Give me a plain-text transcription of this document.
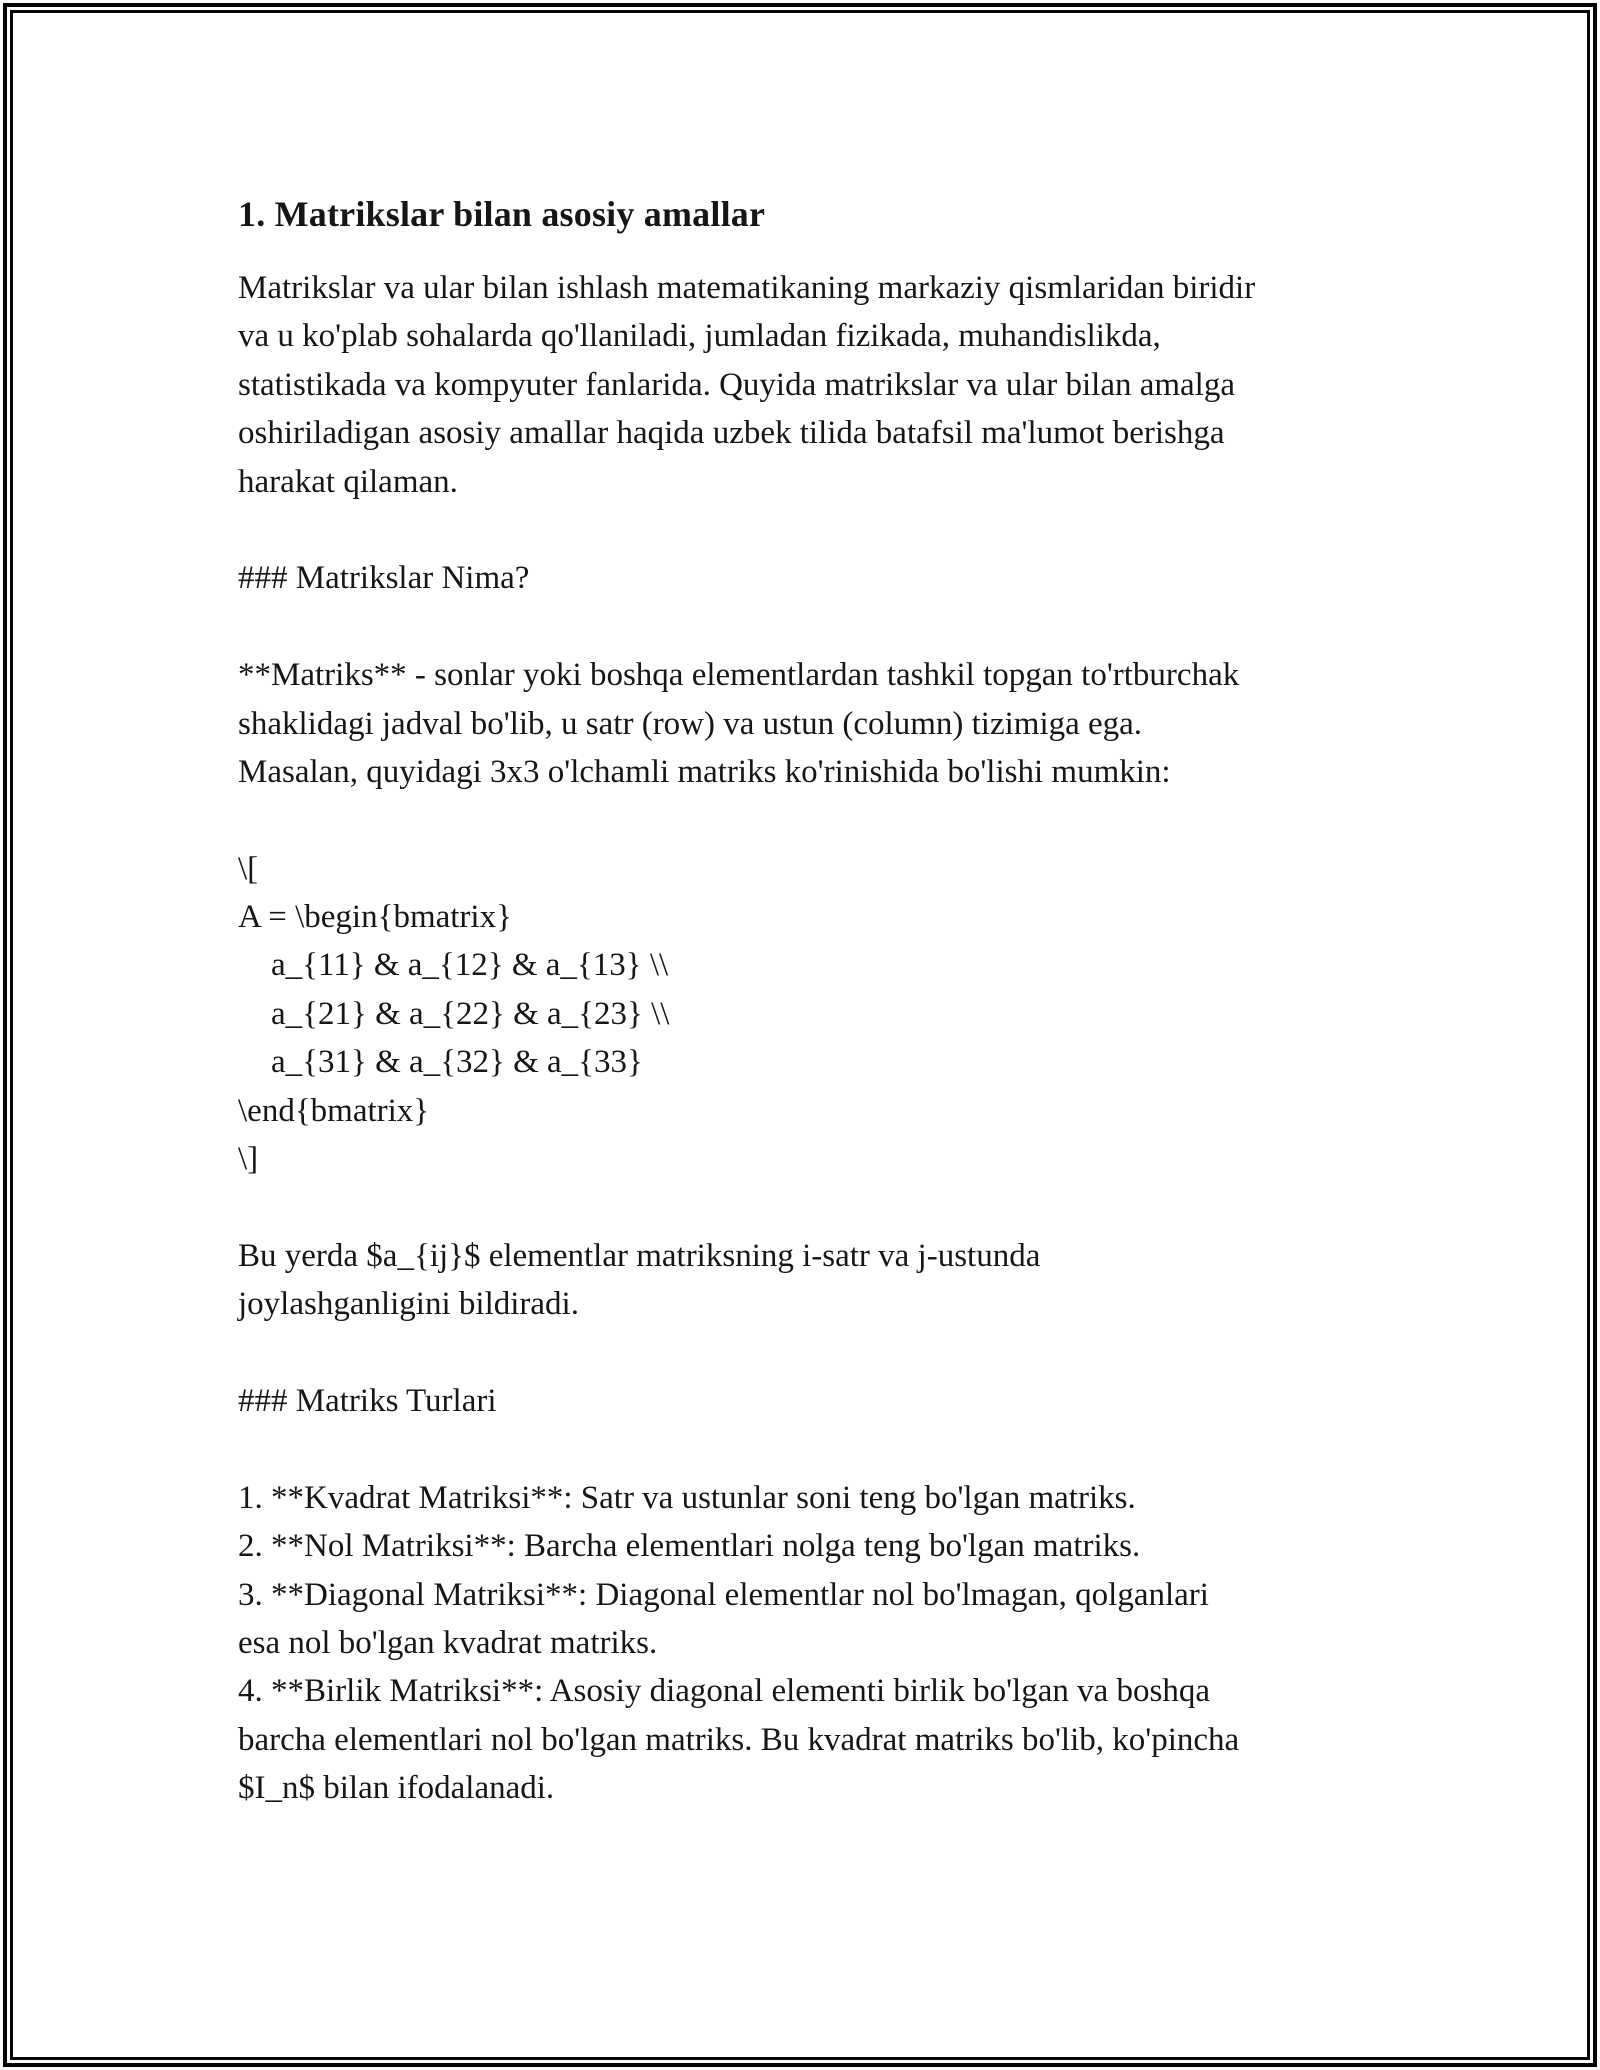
1. Matrikslar bilan asosiy amallar
Matrikslar va ular bilan ishlash matematikaning markaziy qismlaridan biridir
va u ko'plab sohalarda qo'llaniladi, jumladan fizikada, muhandislikda,
statistikada va kompyuter fanlarida. Quyida matrikslar va ular bilan amalga
oshiriladigan asosiy amallar haqida uzbek tilida batafsil ma'lumot berishga
harakat qilaman.
### Matrikslar Nima?
**Matriks** - sonlar yoki boshqa elementlardan tashkil topgan to'rtburchak
shaklidagi jadval bo'lib, u satr (row) va ustun (column) tizimiga ega.
Masalan, quyidagi 3x3 o'lchamli matriks ko'rinishida bo'lishi mumkin:
\[
A = \begin{bmatrix}
a_{11} & a_{12} & a_{13} \\
a_{21} & a_{22} & a_{23} \\
a_{31} & a_{32} & a_{33}
\end{bmatrix}
\]
Bu yerda $a_{ij}$ elementlar matriksning i-satr va j-ustunda
joylashganligini bildiradi.
### Matriks Turlari
1. **Kvadrat Matriksi**: Satr va ustunlar soni teng bo'lgan matriks.
2. **Nol Matriksi**: Barcha elementlari nolga teng bo'lgan matriks.
3. **Diagonal Matriksi**: Diagonal elementlar nol bo'lmagan, qolganlari
esa nol bo'lgan kvadrat matriks.
4. **Birlik Matriksi**: Asosiy diagonal elementi birlik bo'lgan va boshqa
barcha elementlari nol bo'lgan matriks. Bu kvadrat matriks bo'lib, ko'pincha
$I_n$ bilan ifodalanadi.
